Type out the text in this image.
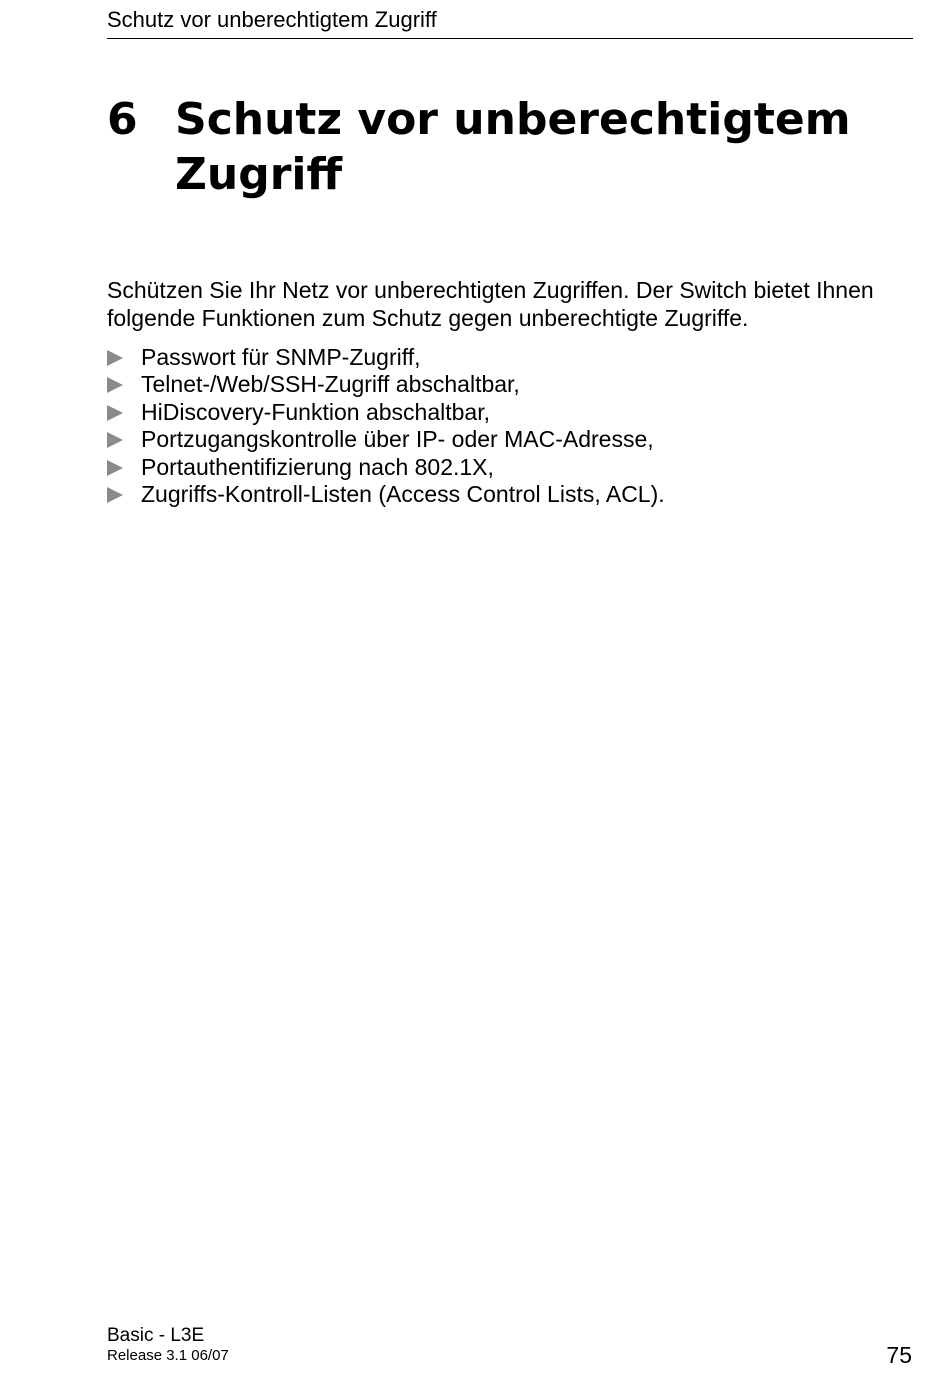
Schutz vor unberechtigtem Zugriff
6 Schutz vor unberechtigtem
Zugriff

Schützen Sie Ihr Netz vor unberechtigten Zugriffen. Der Switch bietet Ihnen

folgende Funktionen zum Schutz gegen unberechtigte Zugriffe.

Passwort für SNMP-Zugriff,
Telnet-/Web/SSH-Zugriff abschaltbar,
HiDiscovery-Funktion abschaltbar,
Portzugangskontrolle über IP- oder MAC-Adresse,
Portauthentifizierung nach 802.1X,
Zugriffs-Kontroll-Listen (Access Control Lists, ACL).
Basic - L3E
Release 3.1 06/07	75
